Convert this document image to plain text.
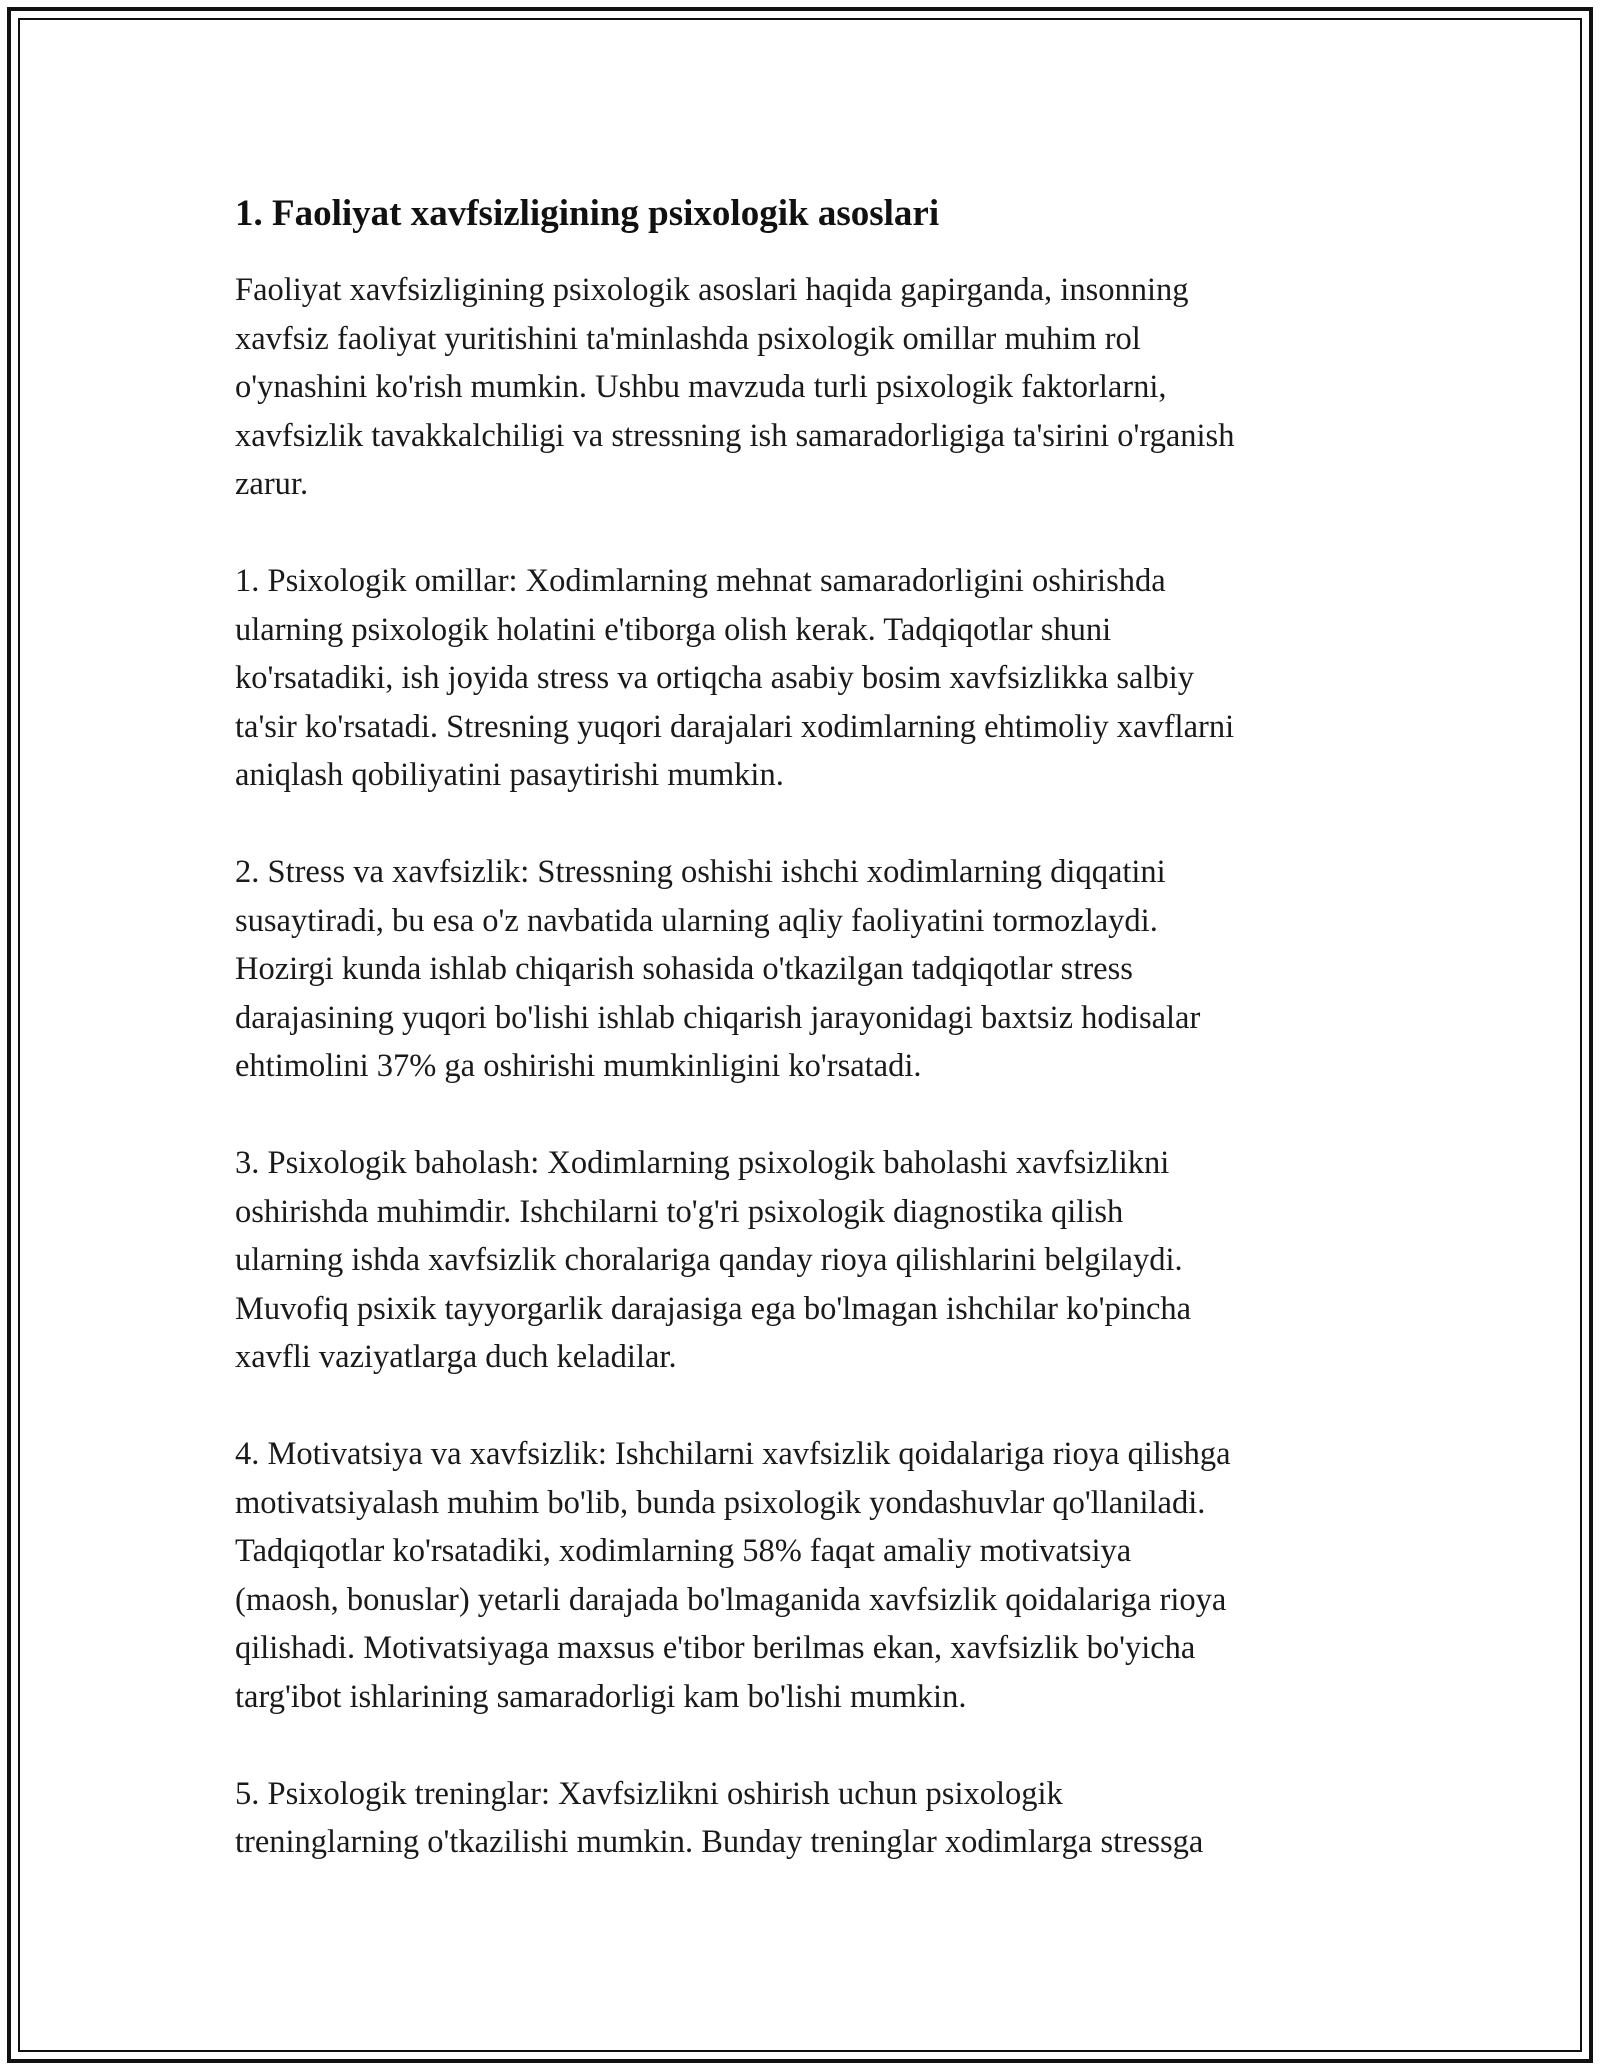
1. Faoliyat xavfsizligining psixologik asoslari

Faoliyat xavfsizligining psixologik asoslari haqida gapirganda, insonning
xavfsiz faoliyat yuritishini ta'minlashda psixologik omillar muhim rol
o'ynashini ko'rish mumkin. Ushbu mavzuda turli psixologik faktorlarni,
xavfsizlik tavakkalchiligi va stressning ish samaradorligiga ta'sirini o'rganish
zarur.

1. Psixologik omillar: Xodimlarning mehnat samaradorligini oshirishda
ularning psixologik holatini e'tiborga olish kerak. Tadqiqotlar shuni
ko'rsatadiki, ish joyida stress va ortiqcha asabiy bosim xavfsizlikka salbiy
ta'sir ko'rsatadi. Stresning yuqori darajalari xodimlarning ehtimoliy xavflarni
aniqlash qobiliyatini pasaytirishi mumkin.

2. Stress va xavfsizlik: Stressning oshishi ishchi xodimlarning diqqatini
susaytiradi, bu esa o'z navbatida ularning aqliy faoliyatini tormozlaydi.
Hozirgi kunda ishlab chiqarish sohasida o'tkazilgan tadqiqotlar stress
darajasining yuqori bo'lishi ishlab chiqarish jarayonidagi baxtsiz hodisalar
ehtimolini 37% ga oshirishi mumkinligini ko'rsatadi.

3. Psixologik baholash: Xodimlarning psixologik baholashi xavfsizlikni
oshirishda muhimdir. Ishchilarni to'g'ri psixologik diagnostika qilish
ularning ishda xavfsizlik choralariga qanday rioya qilishlarini belgilaydi.
Muvofiq psixik tayyorgarlik darajasiga ega bo'lmagan ishchilar ko'pincha
xavfli vaziyatlarga duch keladilar.

4. Motivatsiya va xavfsizlik: Ishchilarni xavfsizlik qoidalariga rioya qilishga
motivatsiyalash muhim bo'lib, bunda psixologik yondashuvlar qo'llaniladi.
Tadqiqotlar ko'rsatadiki, xodimlarning 58% faqat amaliy motivatsiya
(maosh, bonuslar) yetarli darajada bo'lmaganida xavfsizlik qoidalariga rioya
qilishadi. Motivatsiyaga maxsus e'tibor berilmas ekan, xavfsizlik bo'yicha
targ'ibot ishlarining samaradorligi kam bo'lishi mumkin.

5. Psixologik treninglar: Xavfsizlikni oshirish uchun psixologik
treninglarning o'tkazilishi mumkin. Bunday treninglar xodimlarga stressga
